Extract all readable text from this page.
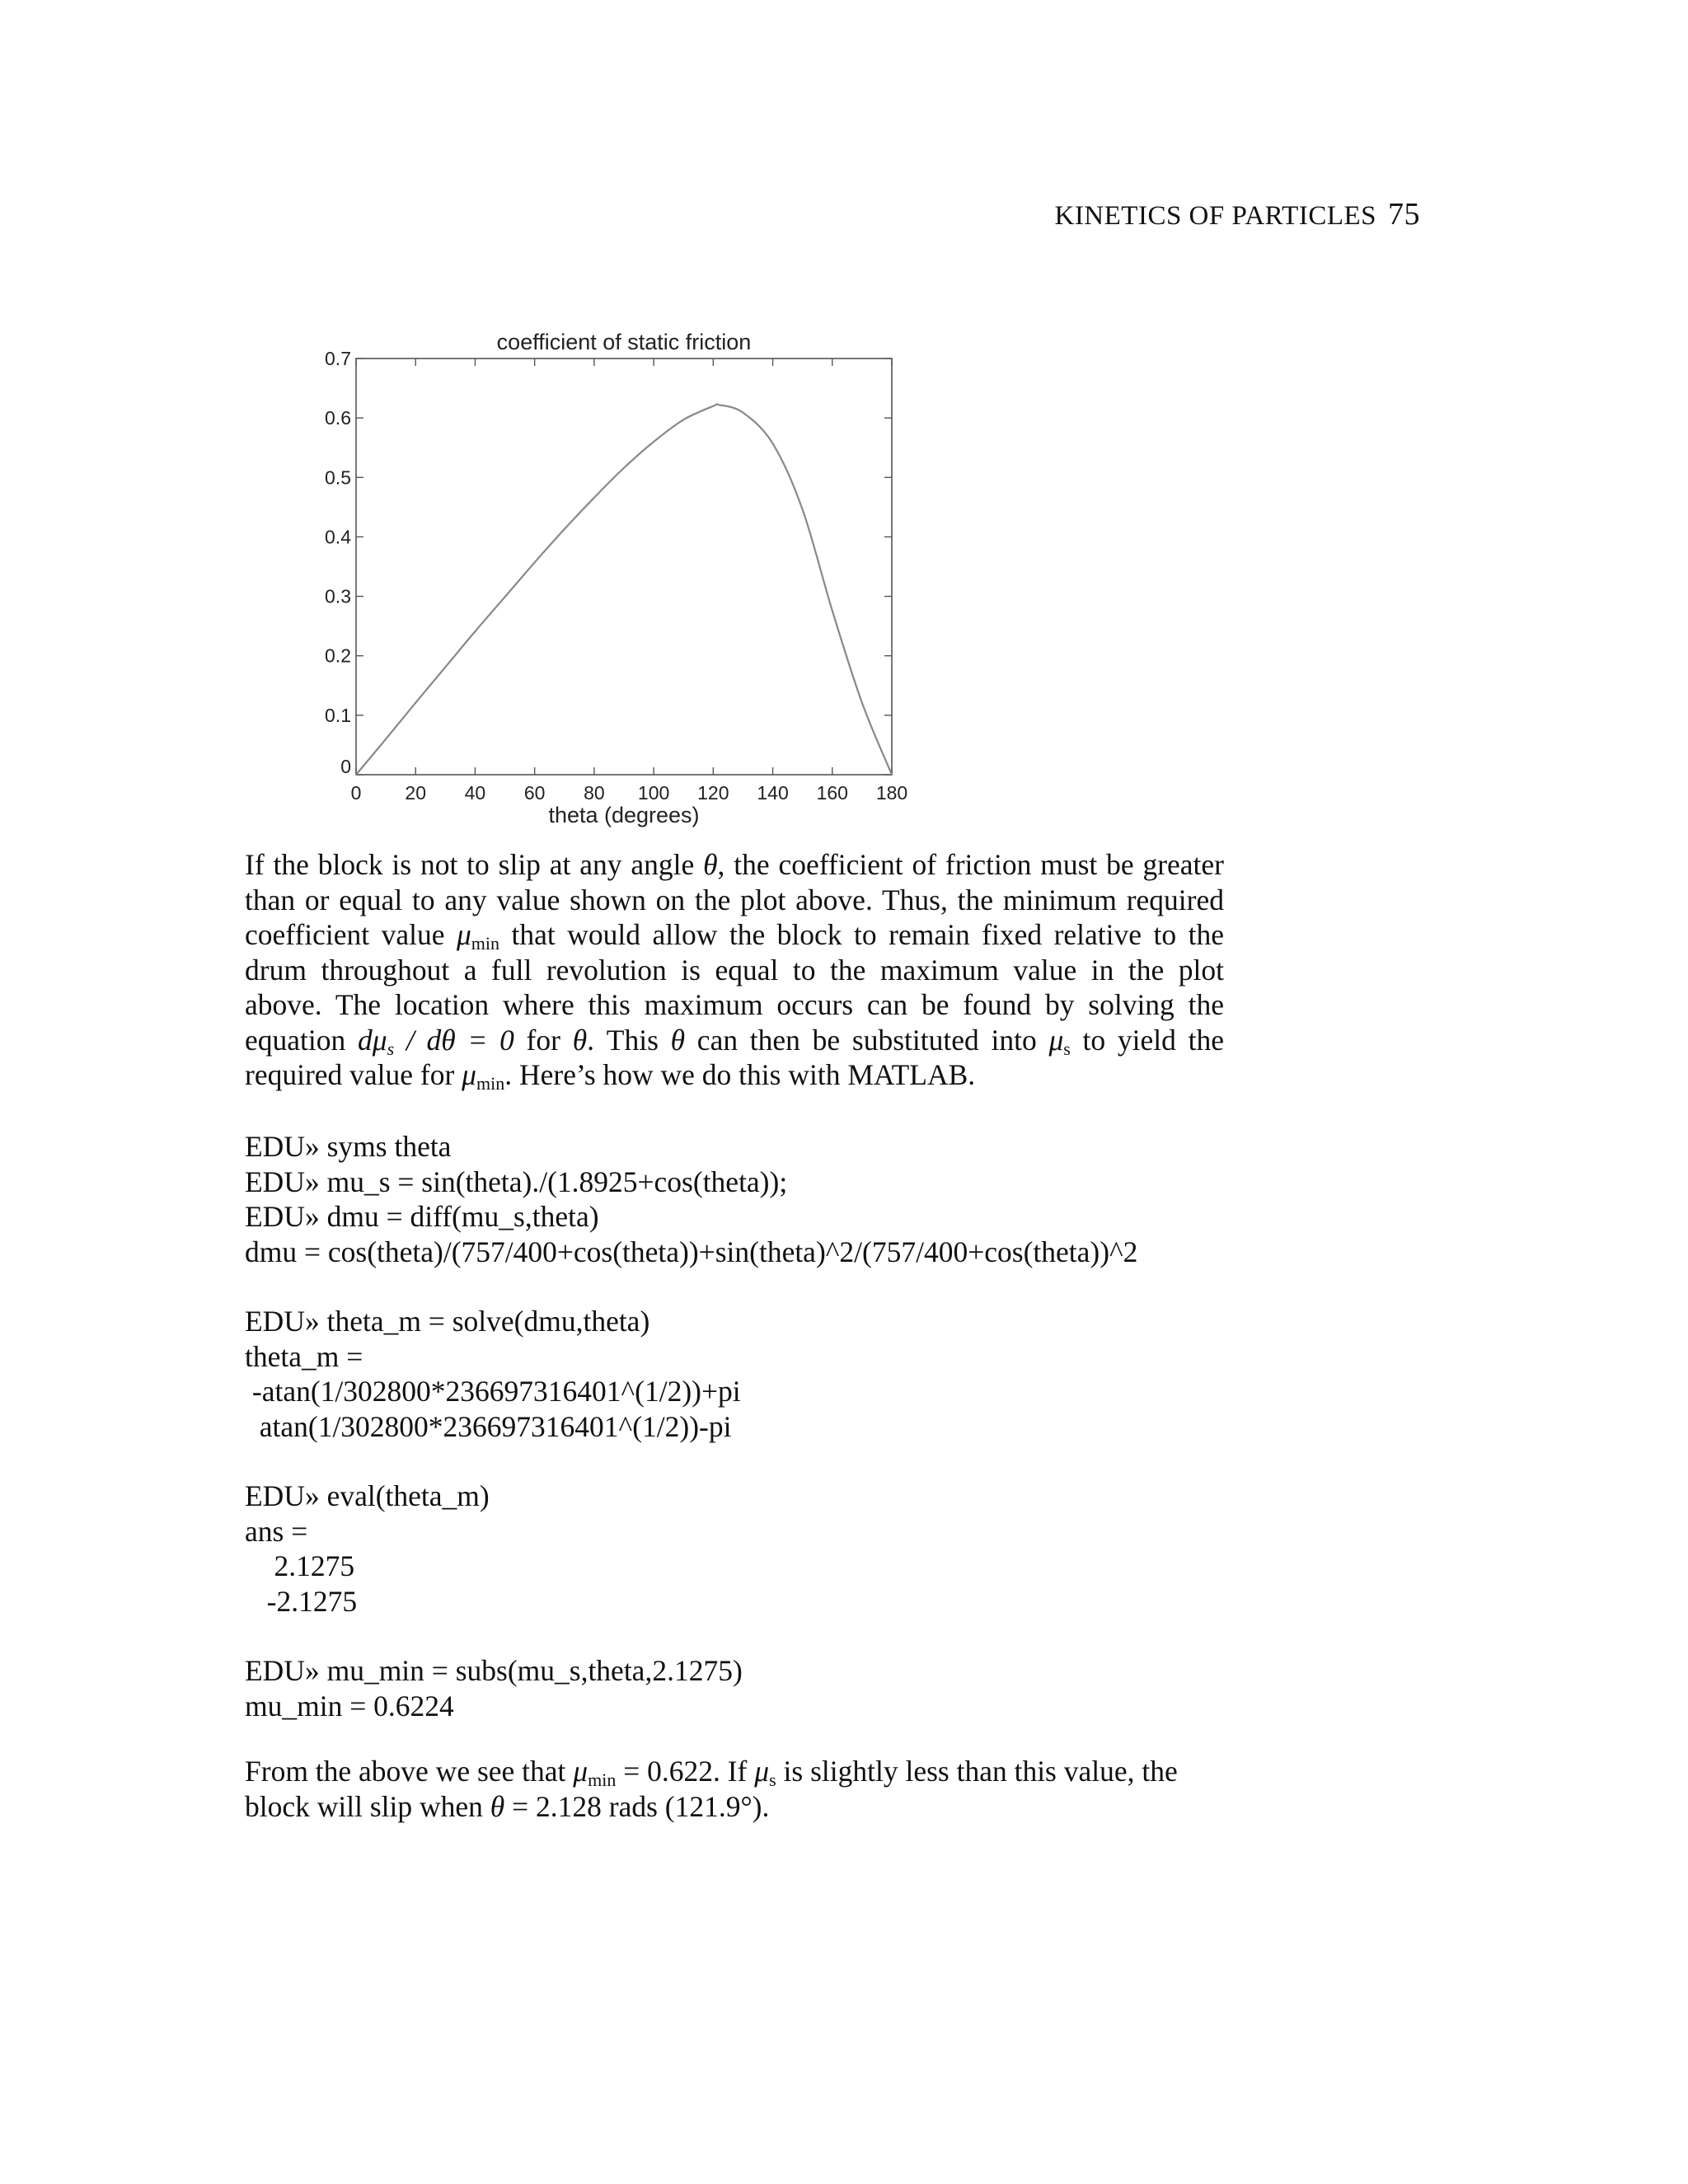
KINETICS OF PARTICLES 75
coefficient of static friction
0 20 40 60 80 100 120 140 160 180
0
0.1
0.2
0.3
0.4
0.5
0.6
0.7
theta (degrees)
If the block is not to slip at any angle θ, the coefficient of friction must be greater
than or equal to any value shown on the plot above. Thus, the minimum required
coefficient value $\mu_{min}$ that would allow the block to remain fixed relative to the
drum throughout a full revolution is equal to the maximum value in the plot
above. The location where this maximum occurs can be found by solving the
equation $d\mu_s / d\theta = 0$ for θ. This θ can then be substituted into $\mu_s$ to yield the
required value for $\mu_{min}$. Here’s how we do this with MATLAB.
EDU» syms theta
EDU» mu_s = sin(theta)./(1.8925+cos(theta));
EDU» dmu = diff(mu_s,theta)
dmu = cos(theta)/(757/400+cos(theta))+sin(theta)^2/(757/400+cos(theta))^2
EDU» theta_m = solve(dmu,theta)
theta_m =
-atan(1/302800*236697316401^(1/2))+pi
atan(1/302800*236697316401^(1/2))-pi
EDU» eval(theta_m)
ans =
2.1275
-2.1275
EDU» mu_min = subs(mu_s,theta,2.1275)
mu_min = 0.6224
From the above we see that $\mu_{min} = 0.622$. If $\mu_s$ is slightly less than this value, the
block will slip when θ = 2.128 rads (121.9°).
